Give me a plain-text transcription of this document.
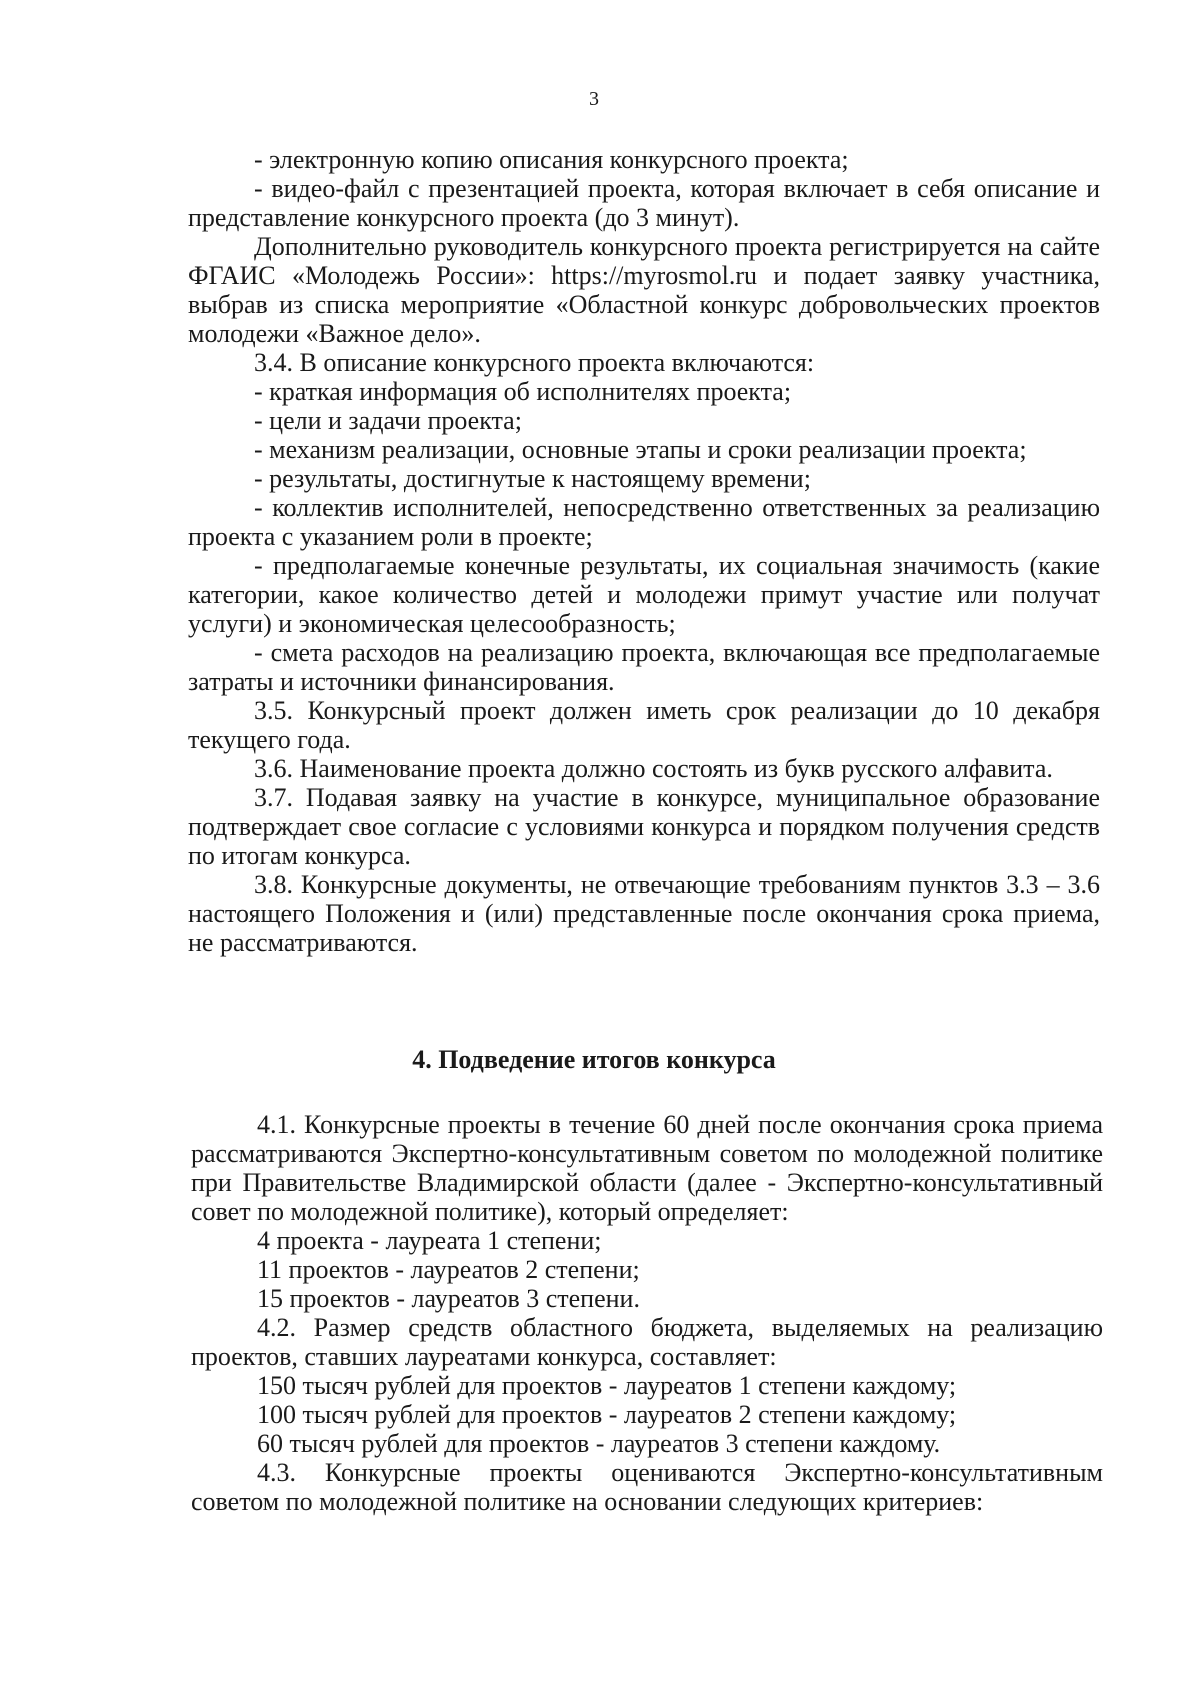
3

- электронную копию описания конкурсного проекта;

- видео-файл с презентацией проекта, которая включает в себя описание и представление конкурсного проекта (до 3 минут).

Дополнительно руководитель конкурсного проекта регистрируется на сайте ФГАИС «Молодежь России»: https://myrosmol.ru и подает заявку участника, выбрав из списка мероприятие «Областной конкурс добровольческих проектов молодежи «Важное дело».

3.4. В описание конкурсного проекта включаются:

- краткая информация об исполнителях проекта;

- цели и задачи проекта;

- механизм реализации, основные этапы и сроки реализации проекта;

- результаты, достигнутые к настоящему времени;

- коллектив исполнителей, непосредственно ответственных за реализацию проекта с указанием роли в проекте;

- предполагаемые конечные результаты, их социальная значимость (какие категории, какое количество детей и молодежи примут участие или получат услуги) и экономическая целесообразность;

- смета расходов на реализацию проекта, включающая все предполагаемые затраты и источники финансирования.

3.5. Конкурсный проект должен иметь срок реализации до 10 декабря текущего года.

3.6. Наименование проекта должно состоять из букв русского алфавита.

3.7. Подавая заявку на участие в конкурсе, муниципальное образование подтверждает свое согласие с условиями конкурса и порядком получения средств по итогам конкурса.

3.8. Конкурсные документы, не отвечающие требованиям пунктов 3.3 – 3.6 настоящего Положения и (или) представленные после окончания срока приема, не рассматриваются.

4. Подведение итогов конкурса

4.1. Конкурсные проекты в течение 60 дней после окончания срока приема рассматриваются Экспертно-консультативным советом по молодежной политике при Правительстве Владимирской области (далее - Экспертно-консультативный совет по молодежной политике), который определяет:

4 проекта - лауреата 1 степени;

11 проектов - лауреатов 2 степени;

15 проектов - лауреатов 3 степени.

4.2. Размер средств областного бюджета, выделяемых на реализацию проектов, ставших лауреатами конкурса, составляет:

150 тысяч рублей для проектов - лауреатов 1 степени каждому;

100 тысяч рублей для проектов - лауреатов 2 степени каждому;

60 тысяч рублей для проектов - лауреатов 3 степени каждому.

4.3. Конкурсные проекты оцениваются Экспертно-консультативным советом по молодежной политике на основании следующих критериев:
